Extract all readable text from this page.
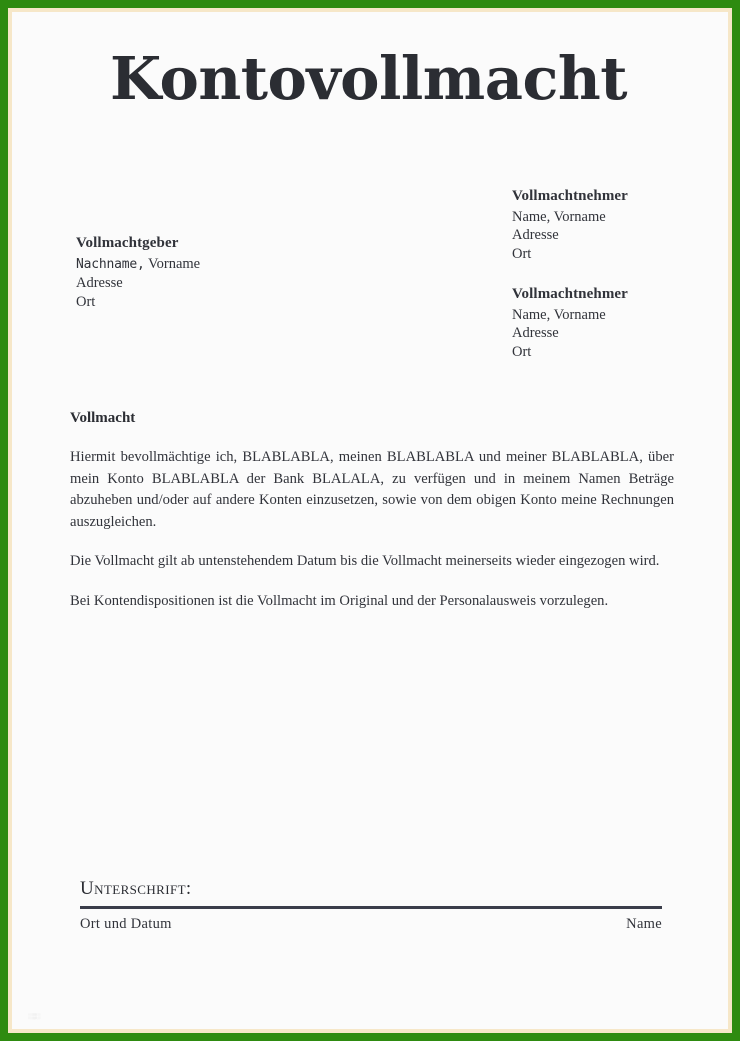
Kontovollmacht
Vollmachtgeber
Nachname, Vorname
Adresse
Ort
Vollmachtnehmer
Name, Vorname
Adresse
Ort
Vollmachtnehmer
Name, Vorname
Adresse
Ort
Vollmacht

Hiermit bevollmächtige ich, BLABLABLA, meinen BLABLABLA und meiner BLABLABLA, über mein Konto BLABLABLA der Bank BLALALA, zu verfügen und in meinem Namen Beträge abzuheben und/oder auf andere Konten einzusetzen, sowie von dem obigen Konto meine Rechnungen auszugleichen.

Die Vollmacht gilt ab untenstehendem Datum bis die Vollmacht meinerseits wieder eingezogen wird.

Bei Kontendispositionen ist die Vollmacht im Original und der Personalausweis vorzulegen.

Unterschrift:
Ort und Datum	Name
░▒░
